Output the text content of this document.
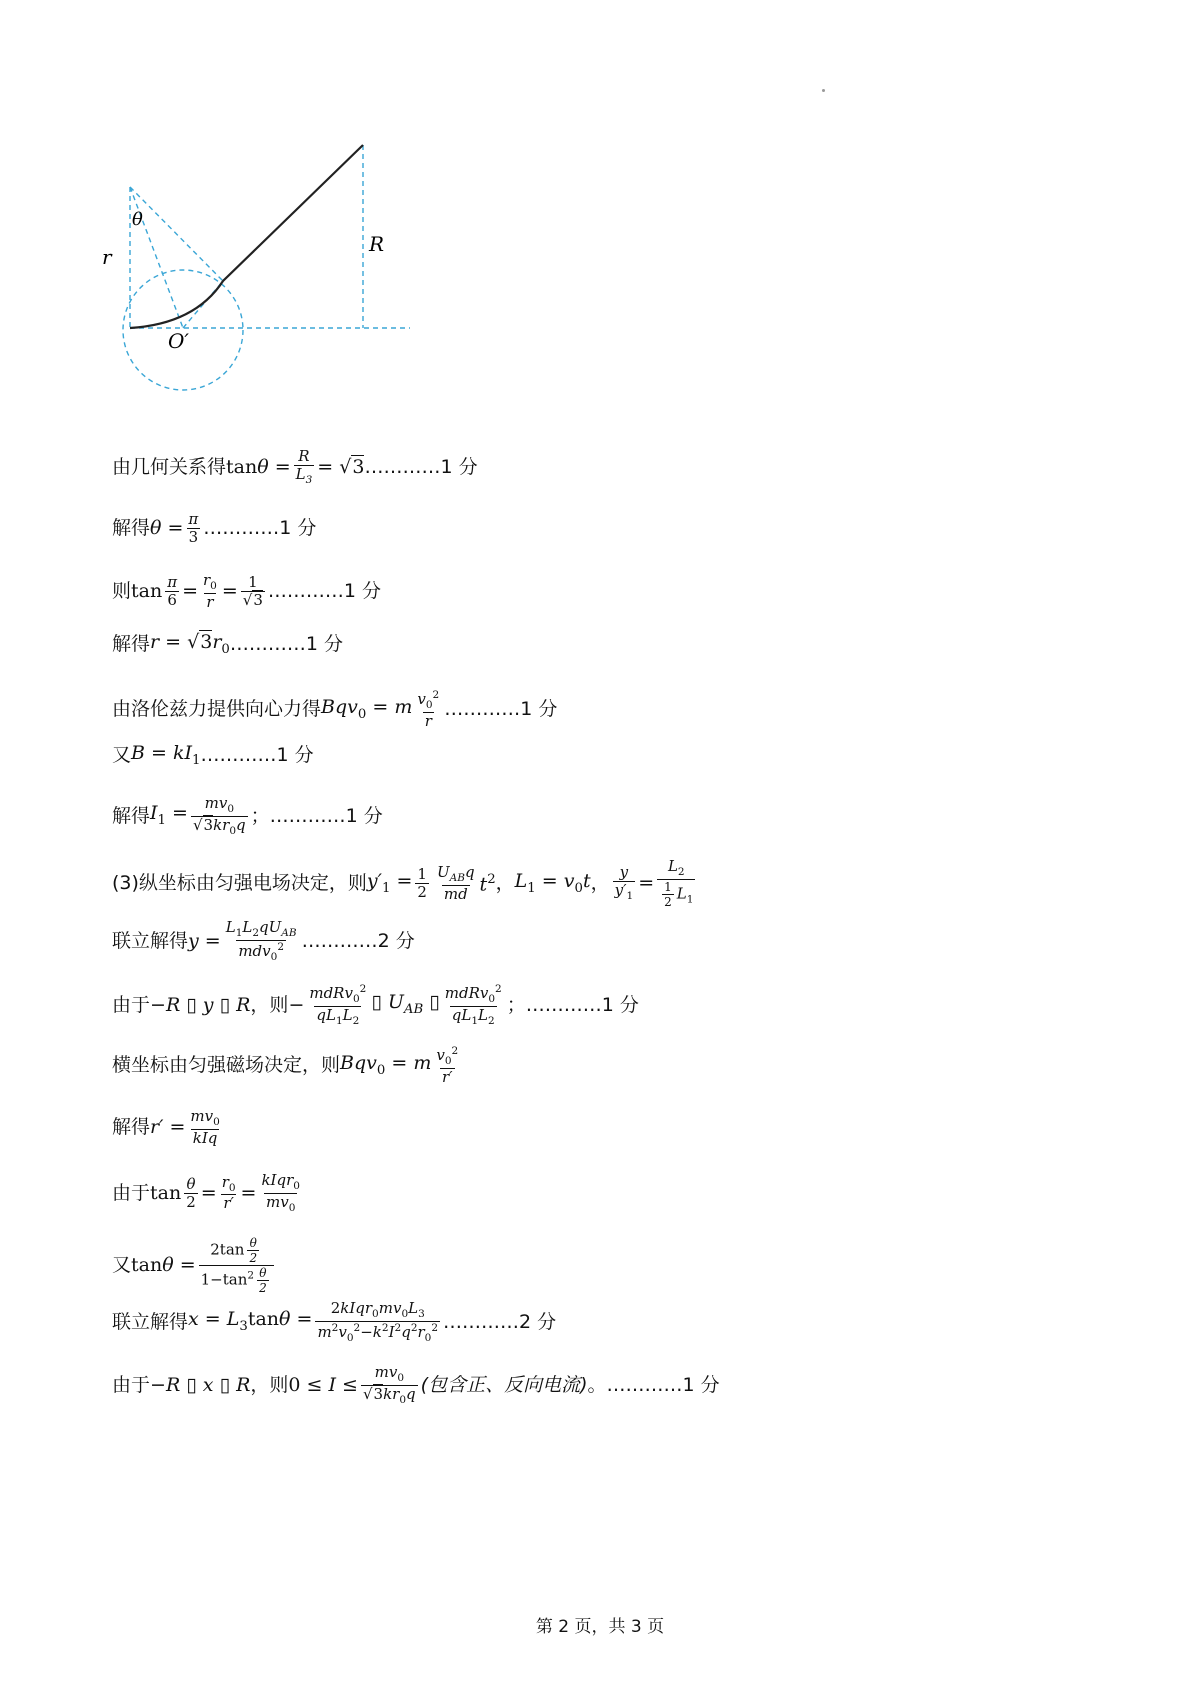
θ
r
R
O′
由几何关系得 $\tan\theta = \frac{R}{L_3} = √3$ …………1 分
解得 $\theta = \frac{\pi}{3}$ …………1 分
则 $\tan \frac{\pi}{6} = \frac{r_0}{r} = \frac{1}{√3}$ …………1 分
解得 $r = √3r_0$ …………1 分
由洛伦兹力提供向心力得 Bqv$_0$ = m $\frac{v_0^2}{r}$ …………1 分
又 $B = kI_1$ …………1 分
解得 $I_1 = \frac{mv_0}{√3kr_0q}$ ； …………1 分
(3)纵坐标由匀强电场决定，则 $y'_1 = \frac{1}{2} \frac{U_{AB}q}{md} t^2$ ， $L_1 = v_0t$ ， $\frac{y}{y'_1} = \frac{L_2}{\frac{1}{2} L_1}$
联立解得 $y = \frac{L_1L_2qU_{AB}}{mdv_0^2}$ …………2 分
由于 −R ▯ y ▯ R ，则 − $\frac{mdRv_0^2}{qL_1L_2}$ ▯ $U_{AB}$ ▯ $\frac{mdRv_0^2}{qL_1L_2}$ ； …………1 分
横坐标由匀强磁场决定，则 Bqv$_0$ = m $\frac{v_0^2}{r'}$
解得 $r' = \frac{mv_0}{\text{kIq}}$
由于 $\tan \frac{\theta}{2} = \frac{r_0}{r'} = \frac{kIqr_0}{mv_0}$
又 $\tan\theta = \frac{2\tan \frac{\theta}{2}}{1-\tan^2 \frac{\theta}{2}}$
联立解得 $x = L_3\tan\theta = \frac{2kIqr_0mv_0L_3}{m^2v_0^2-k^2I^2q^2r_0^2}$ …………2 分
由于 −R ▯ x ▯ R ，则 $0 \le I \le \frac{mv_0}{√3kr_0q}$ (包含正、反向电流) 。 …………1 分
第 2 页，共 3 页
